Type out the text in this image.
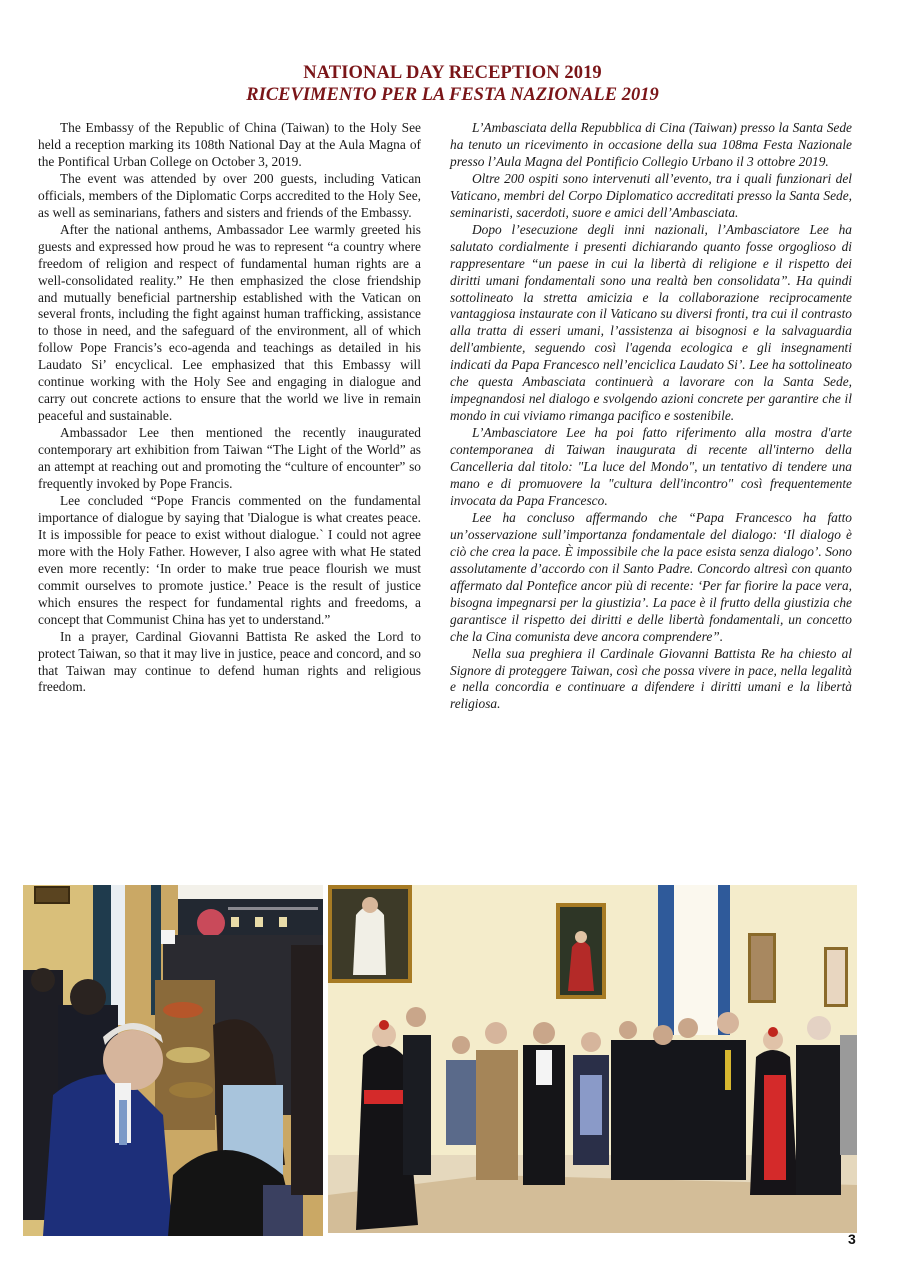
NATIONAL DAY RECEPTION 2019
RICEVIMENTO PER LA FESTA NAZIONALE 2019

The Embassy of the Republic of China (Taiwan) to the Holy See held a reception marking its 108th National Day at the Aula Magna of the Pontifical Urban College on October 3, 2019.

The event was attended by over 200 guests, including Vatican officials, members of the Diplomatic Corps accredited to the Holy See, as well as seminarians, fathers and sisters and friends of the Embassy.

After the national anthems, Ambassador Lee warmly greeted his guests and expressed how proud he was to represent “a country where freedom of religion and respect of fundamental human rights are a well-consolidated reality.” He then emphasized the close friendship and mutually beneficial partnership established with the Vatican on several fronts, including the fight against human trafficking, assistance to those in need, and the safeguard of the environment, all of which follow Pope Francis’s eco-agenda and teachings as detailed in his Laudato Si’ encyclical. Lee emphasized that this Embassy will continue working with the Holy See and engaging in dialogue and carry out concrete actions to ensure that the world we live in remain peaceful and sustainable.

Ambassador Lee then mentioned the recently inaugurated contemporary art exhibition from Taiwan “The Light of the World” as an attempt at reaching out and promoting the “culture of encounter” so frequently invoked by Pope Francis.

Lee concluded “Pope Francis commented on the fundamental importance of dialogue by saying that 'Dialogue is what creates peace. It is impossible for peace to exist without dialogue.` I could not agree more with the Holy Father. However, I also agree with what He stated even more recently: ‘In order to make true peace flourish we must commit ourselves to promote justice.’ Peace is the result of justice which ensures the respect for fundamental rights and freedoms, a concept that Communist China has yet to understand.”

In a prayer, Cardinal Giovanni Battista Re asked the Lord to protect Taiwan, so that it may live in justice, peace and concord, and so that Taiwan may continue to defend human rights and religious freedom.

L’Ambasciata della Repubblica di Cina (Taiwan) presso la Santa Sede ha tenuto un ricevimento in occasione della sua 108ma Festa Nazionale presso l’Aula Magna del Pontificio Collegio Urbano il 3 ottobre 2019.

Oltre 200 ospiti sono intervenuti all’evento, tra i quali funzionari del Vaticano, membri del Corpo Diplomatico accreditati presso la Santa Sede, seminaristi, sacerdoti, suore e amici dell’Ambasciata.

Dopo l’esecuzione degli inni nazionali, l’Ambasciatore Lee ha salutato cordialmente i presenti dichiarando quanto fosse orgoglioso di rappresentare “un paese in cui la libertà di religione e il rispetto dei diritti umani fondamentali sono una realtà ben consolidata”. Ha quindi sottolineato la stretta amicizia e la collaborazione reciprocamente vantaggiosa instaurate con il Vaticano su diversi fronti, tra cui il contrasto alla tratta di esseri umani, l’assistenza ai bisognosi e la salvaguardia dell'ambiente, seguendo così l'agenda ecologica e gli insegnamenti indicati da Papa Francesco nell’enciclica Laudato Si’. Lee ha sottolineato che questa Ambasciata continuerà a lavorare con la Santa Sede, impegnandosi nel dialogo e svolgendo azioni concrete per garantire che il mondo in cui viviamo rimanga pacifico e sostenibile.

L’Ambasciatore Lee ha poi fatto riferimento alla mostra d'arte contemporanea di Taiwan inaugurata di recente all'interno della Cancelleria dal titolo: "La luce del Mondo", un tentativo di tendere una mano e di promuovere la "cultura dell'incontro" così frequentemente invocata da Papa Francesco.

Lee ha concluso affermando che “Papa Francesco ha fatto un’osservazione sull’importanza fondamentale del dialogo: ‘Il dialogo è ciò che crea la pace. È impossibile che la pace esista senza dialogo’. Sono assolutamente d’accordo con il Santo Padre. Concordo altresì con quanto affermato dal Pontefice ancor più di recente: ‘Per far fiorire la pace vera, bisogna impegnarsi per la giustizia’. La pace è il frutto della giustizia che garantisce il rispetto dei diritti e delle libertà fondamentali, un concetto che la Cina comunista deve ancora comprendere”.

Nella sua preghiera il Cardinale Giovanni Battista Re ha chiesto al Signore di proteggere Taiwan, così che possa vivere in pace, nella legalità e nella concordia e continuare a difendere i diritti umani e la libertà religiosa.

3
